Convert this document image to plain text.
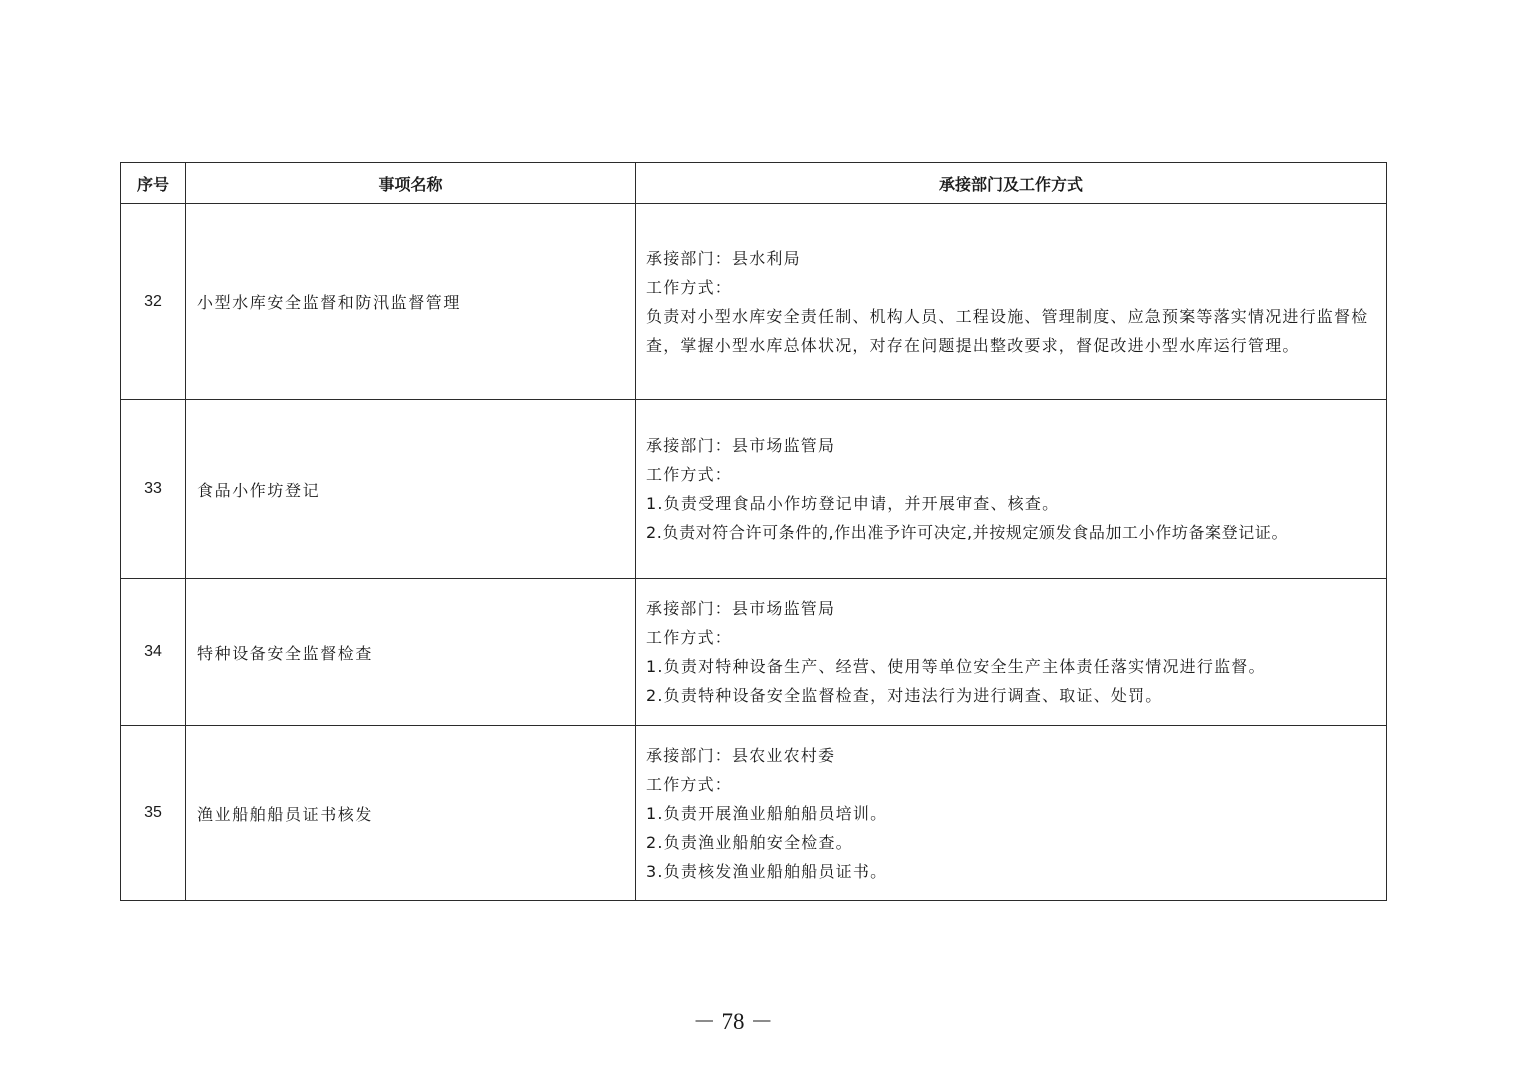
序号	事项名称	承接部门及工作方式
32	小型水库安全监督和防汛监督管理	承接部门：县水利局
工作方式：
负责对小型水库安全责任制、机构人员、工程设施、管理制度、应急预案等落实情况进行监督检查，掌握小型水库总体状况，对存在问题提出整改要求，督促改进小型水库运行管理。

33	食品小作坊登记	承接部门：县市场监管局
工作方式：
1.负责受理食品小作坊登记申请，并开展审查、核查。
2.负责对符合许可条件的,作出准予许可决定,并按规定颁发食品加工小作坊备案登记证。

34	特种设备安全监督检查	承接部门：县市场监管局
工作方式：
1.负责对特种设备生产、经营、使用等单位安全生产主体责任落实情况进行监督。
2.负责特种设备安全监督检查，对违法行为进行调查、取证、处罚。

35	渔业船舶船员证书核发	承接部门：县农业农村委
工作方式：
1.负责开展渔业船舶船员培训。
2.负责渔业船舶安全检查。
3.负责核发渔业船舶船员证书。
－ 78 －
